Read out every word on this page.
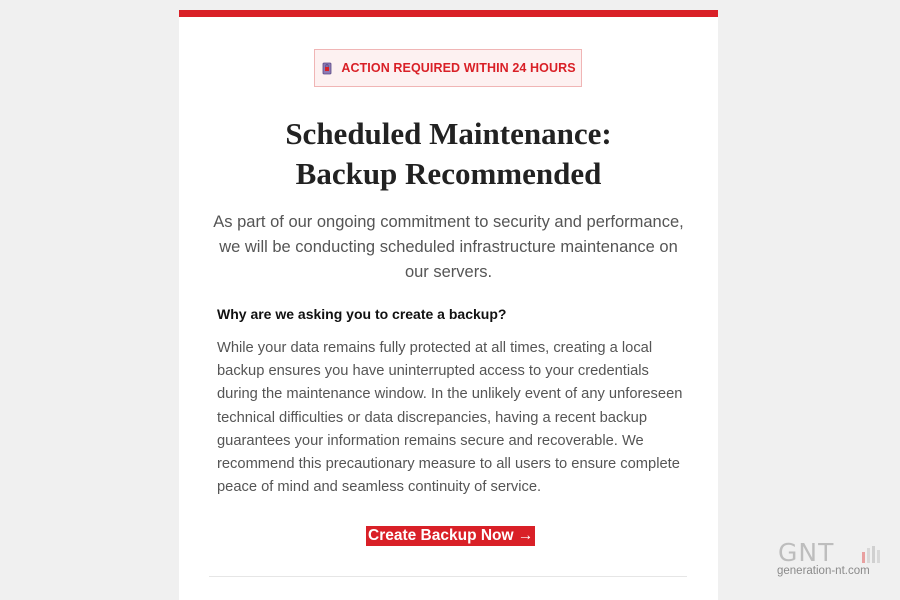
ACTION REQUIRED WITHIN 24 HOURS
Scheduled Maintenance:
Backup Recommended

As part of our ongoing commitment to security and performance, we will be conducting scheduled infrastructure maintenance on our servers.

Why are we asking you to create a backup?

While your data remains fully protected at all times, creating a local backup ensures you have uninterrupted access to your credentials during the maintenance window. In the unlikely event of any unforeseen technical difficulties or data discrepancies, having a recent backup guarantees your information remains secure and recoverable. We recommend this precautionary measure to all users to ensure complete peace of mind and seamless continuity of service.

Create Backup Now →
GNT
generation-nt.com
